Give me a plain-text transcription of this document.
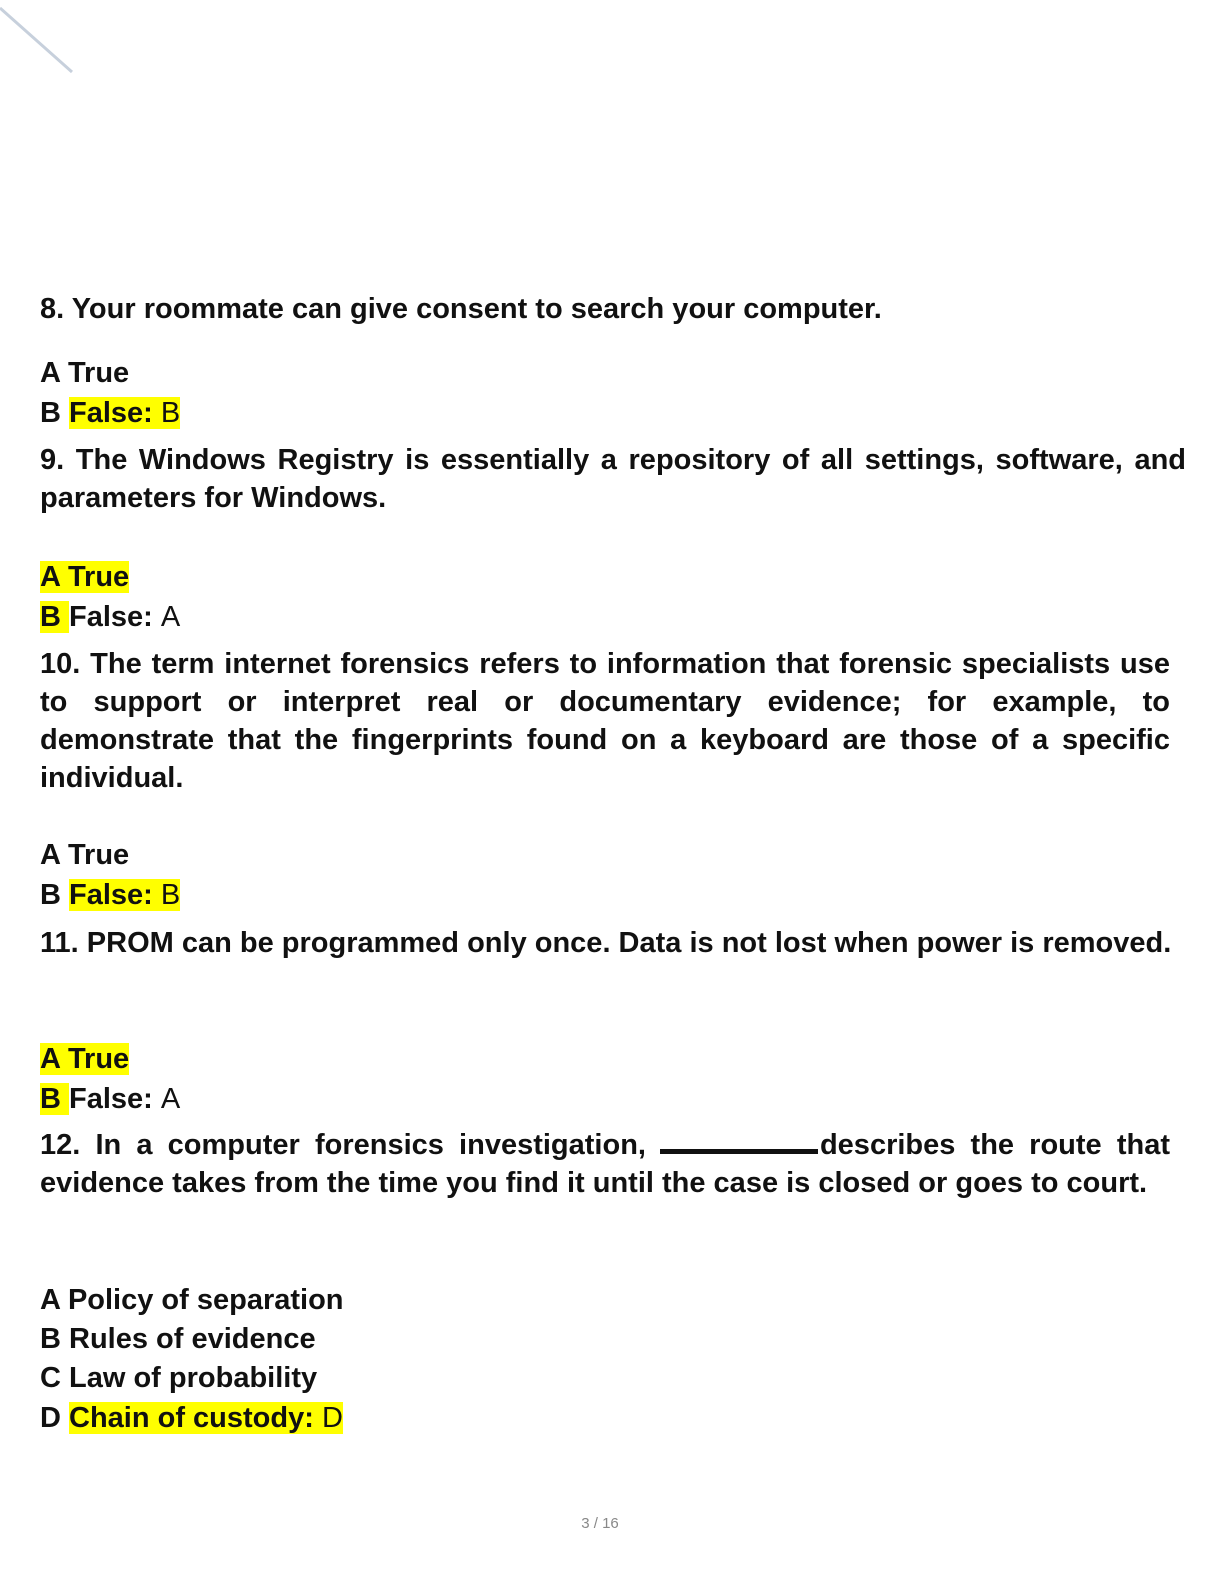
8. Your roommate can give consent to search your computer.

A True

B False: B

9. The Windows Registry is essentially a repository of all settings, software, and parameters for Windows.

A True

B False: A

10. The term internet forensics refers to information that forensic specialists use to support or interpret real or documentary evidence; for example, to demonstrate that the fingerprints found on a keyboard are those of a specific individual.

A True

B False: B

11. PROM can be programmed only once. Data is not lost when power is removed.

A True

B False: A

12. In a computer forensics investigation,	describes the route that evidence takes from the time you find it until the case is closed or goes to court.

A Policy of separation

B Rules of evidence

C Law of probability

D Chain of custody: D

3 / 16
